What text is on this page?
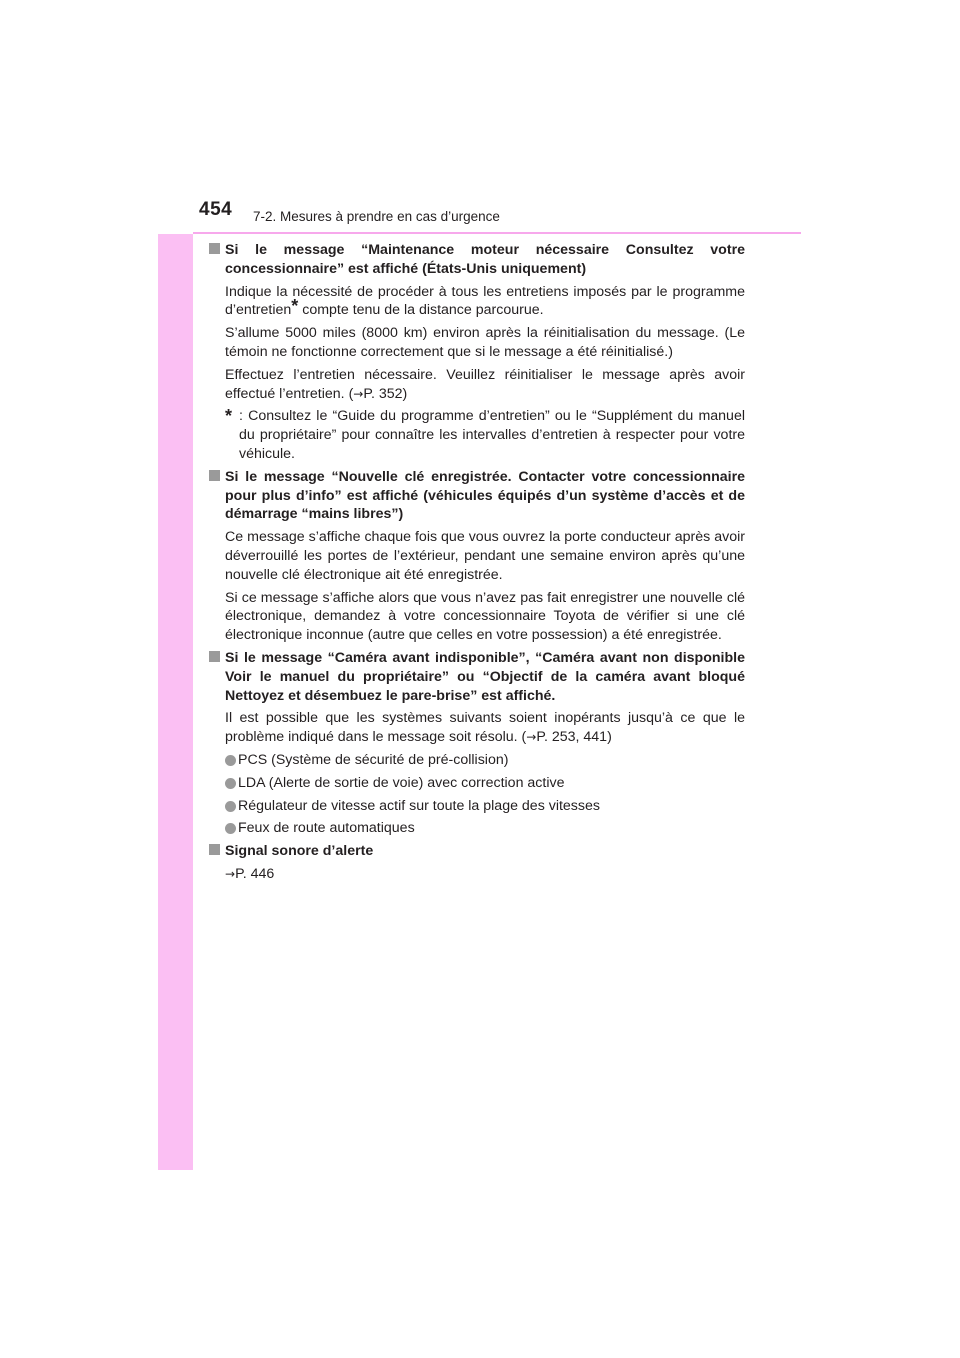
454 7-2. Mesures à prendre en cas d’urgence
Si le message “Maintenance moteur nécessaire Consultez votre concessionnaire” est affiché (États-Unis uniquement)
Indique la nécessité de procéder à tous les entretiens imposés par le programme d’entretien* compte tenu de la distance parcourue.
S’allume 5000 miles (8000 km) environ après la réinitialisation du message. (Le témoin ne fonctionne correctement que si le message a été réinitialisé.)
Effectuez l’entretien nécessaire. Veuillez réinitialiser le message après avoir effectué l’entretien. (→P. 352)
* : Consultez le “Guide du programme d’entretien” ou le “Supplément du manuel du propriétaire” pour connaître les intervalles d’entretien à respecter pour votre véhicule.
Si le message “Nouvelle clé enregistrée. Contacter votre concessionnaire pour plus d’info” est affiché (véhicules équipés d’un système d’accès et de démarrage “mains libres”)
Ce message s’affiche chaque fois que vous ouvrez la porte conducteur après avoir déverrouillé les portes de l’extérieur, pendant une semaine environ après qu’une nouvelle clé électronique ait été enregistrée.
Si ce message s’affiche alors que vous n’avez pas fait enregistrer une nouvelle clé électronique, demandez à votre concessionnaire Toyota de vérifier si une clé électronique inconnue (autre que celles en votre possession) a été enregistrée.
Si le message “Caméra avant indisponible”, “Caméra avant non disponible Voir le manuel du propriétaire” ou “Objectif de la caméra avant bloqué Nettoyez et désembuez le pare-brise” est affiché.
Il est possible que les systèmes suivants soient inopérants jusqu’à ce que le problème indiqué dans le message soit résolu. (→P. 253, 441)
PCS (Système de sécurité de pré-collision)
LDA (Alerte de sortie de voie) avec correction active
Régulateur de vitesse actif sur toute la plage des vitesses
Feux de route automatiques
Signal sonore d’alerte
→P. 446
